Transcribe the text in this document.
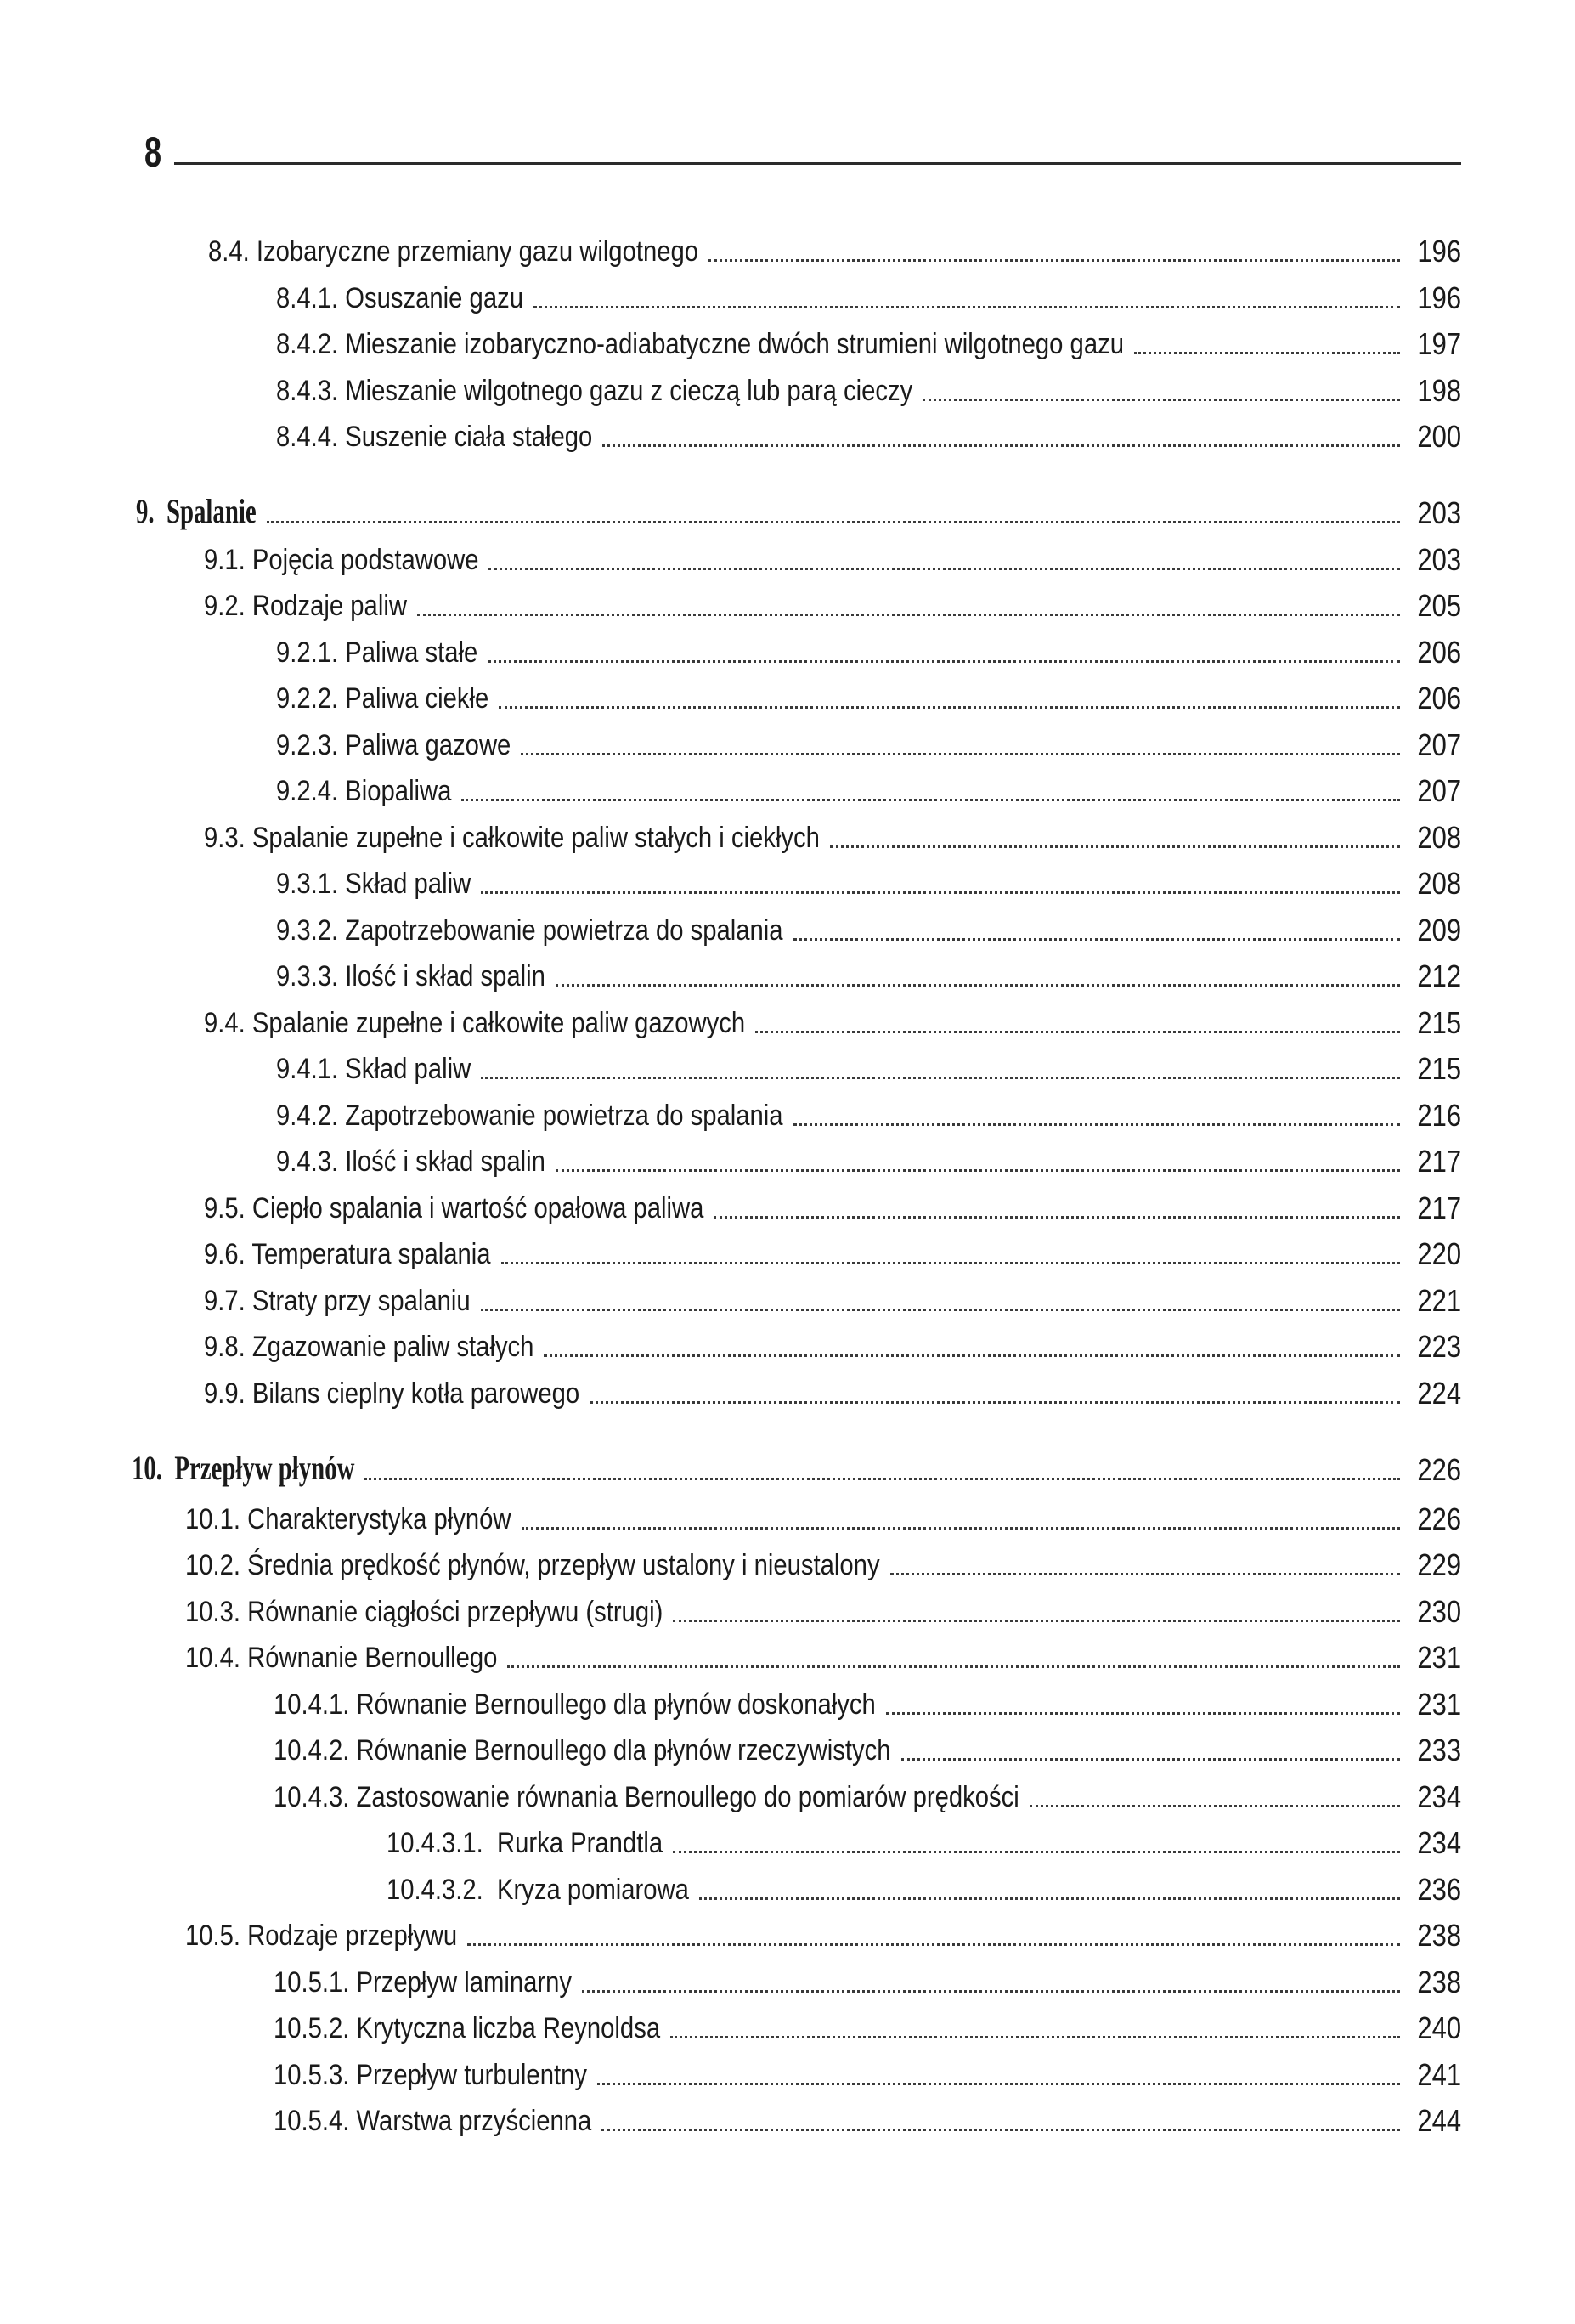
8
8.4. Izobaryczne przemiany gazu wilgotnego	196
8.4.1. Osuszanie gazu	196
8.4.2. Mieszanie izobaryczno-adiabatyczne dwóch strumieni wilgotnego gazu	197
8.4.3. Mieszanie wilgotnego gazu z cieczą lub parą cieczy	198
8.4.4. Suszenie ciała stałego	200
9.  Spalanie	203
9.1. Pojęcia podstawowe	203
9.2. Rodzaje paliw	205
9.2.1. Paliwa stałe	206
9.2.2. Paliwa ciekłe	206
9.2.3. Paliwa gazowe	207
9.2.4. Biopaliwa	207
9.3. Spalanie zupełne i całkowite paliw stałych i ciekłych	208
9.3.1. Skład paliw	208
9.3.2. Zapotrzebowanie powietrza do spalania	209
9.3.3. Ilość i skład spalin	212
9.4. Spalanie zupełne i całkowite paliw gazowych	215
9.4.1. Skład paliw	215
9.4.2. Zapotrzebowanie powietrza do spalania	216
9.4.3. Ilość i skład spalin	217
9.5. Ciepło spalania i wartość opałowa paliwa	217
9.6. Temperatura spalania	220
9.7. Straty przy spalaniu	221
9.8. Zgazowanie paliw stałych	223
9.9. Bilans cieplny kotła parowego	224
10.  Przepływ płynów	226
10.1. Charakterystyka płynów	226
10.2. Średnia prędkość płynów, przepływ ustalony i nieustalony	229
10.3. Równanie ciągłości przepływu (strugi)	230
10.4. Równanie Bernoullego	231
10.4.1. Równanie Bernoullego dla płynów doskonałych	231
10.4.2. Równanie Bernoullego dla płynów rzeczywistych	233
10.4.3. Zastosowanie równania Bernoullego do pomiarów prędkości	234
10.4.3.1.  Rurka Prandtla	234
10.4.3.2.  Kryza pomiarowa	236
10.5. Rodzaje przepływu	238
10.5.1. Przepływ laminarny	238
10.5.2. Krytyczna liczba Reynoldsa	240
10.5.3. Przepływ turbulentny	241
10.5.4. Warstwa przyścienna	244
